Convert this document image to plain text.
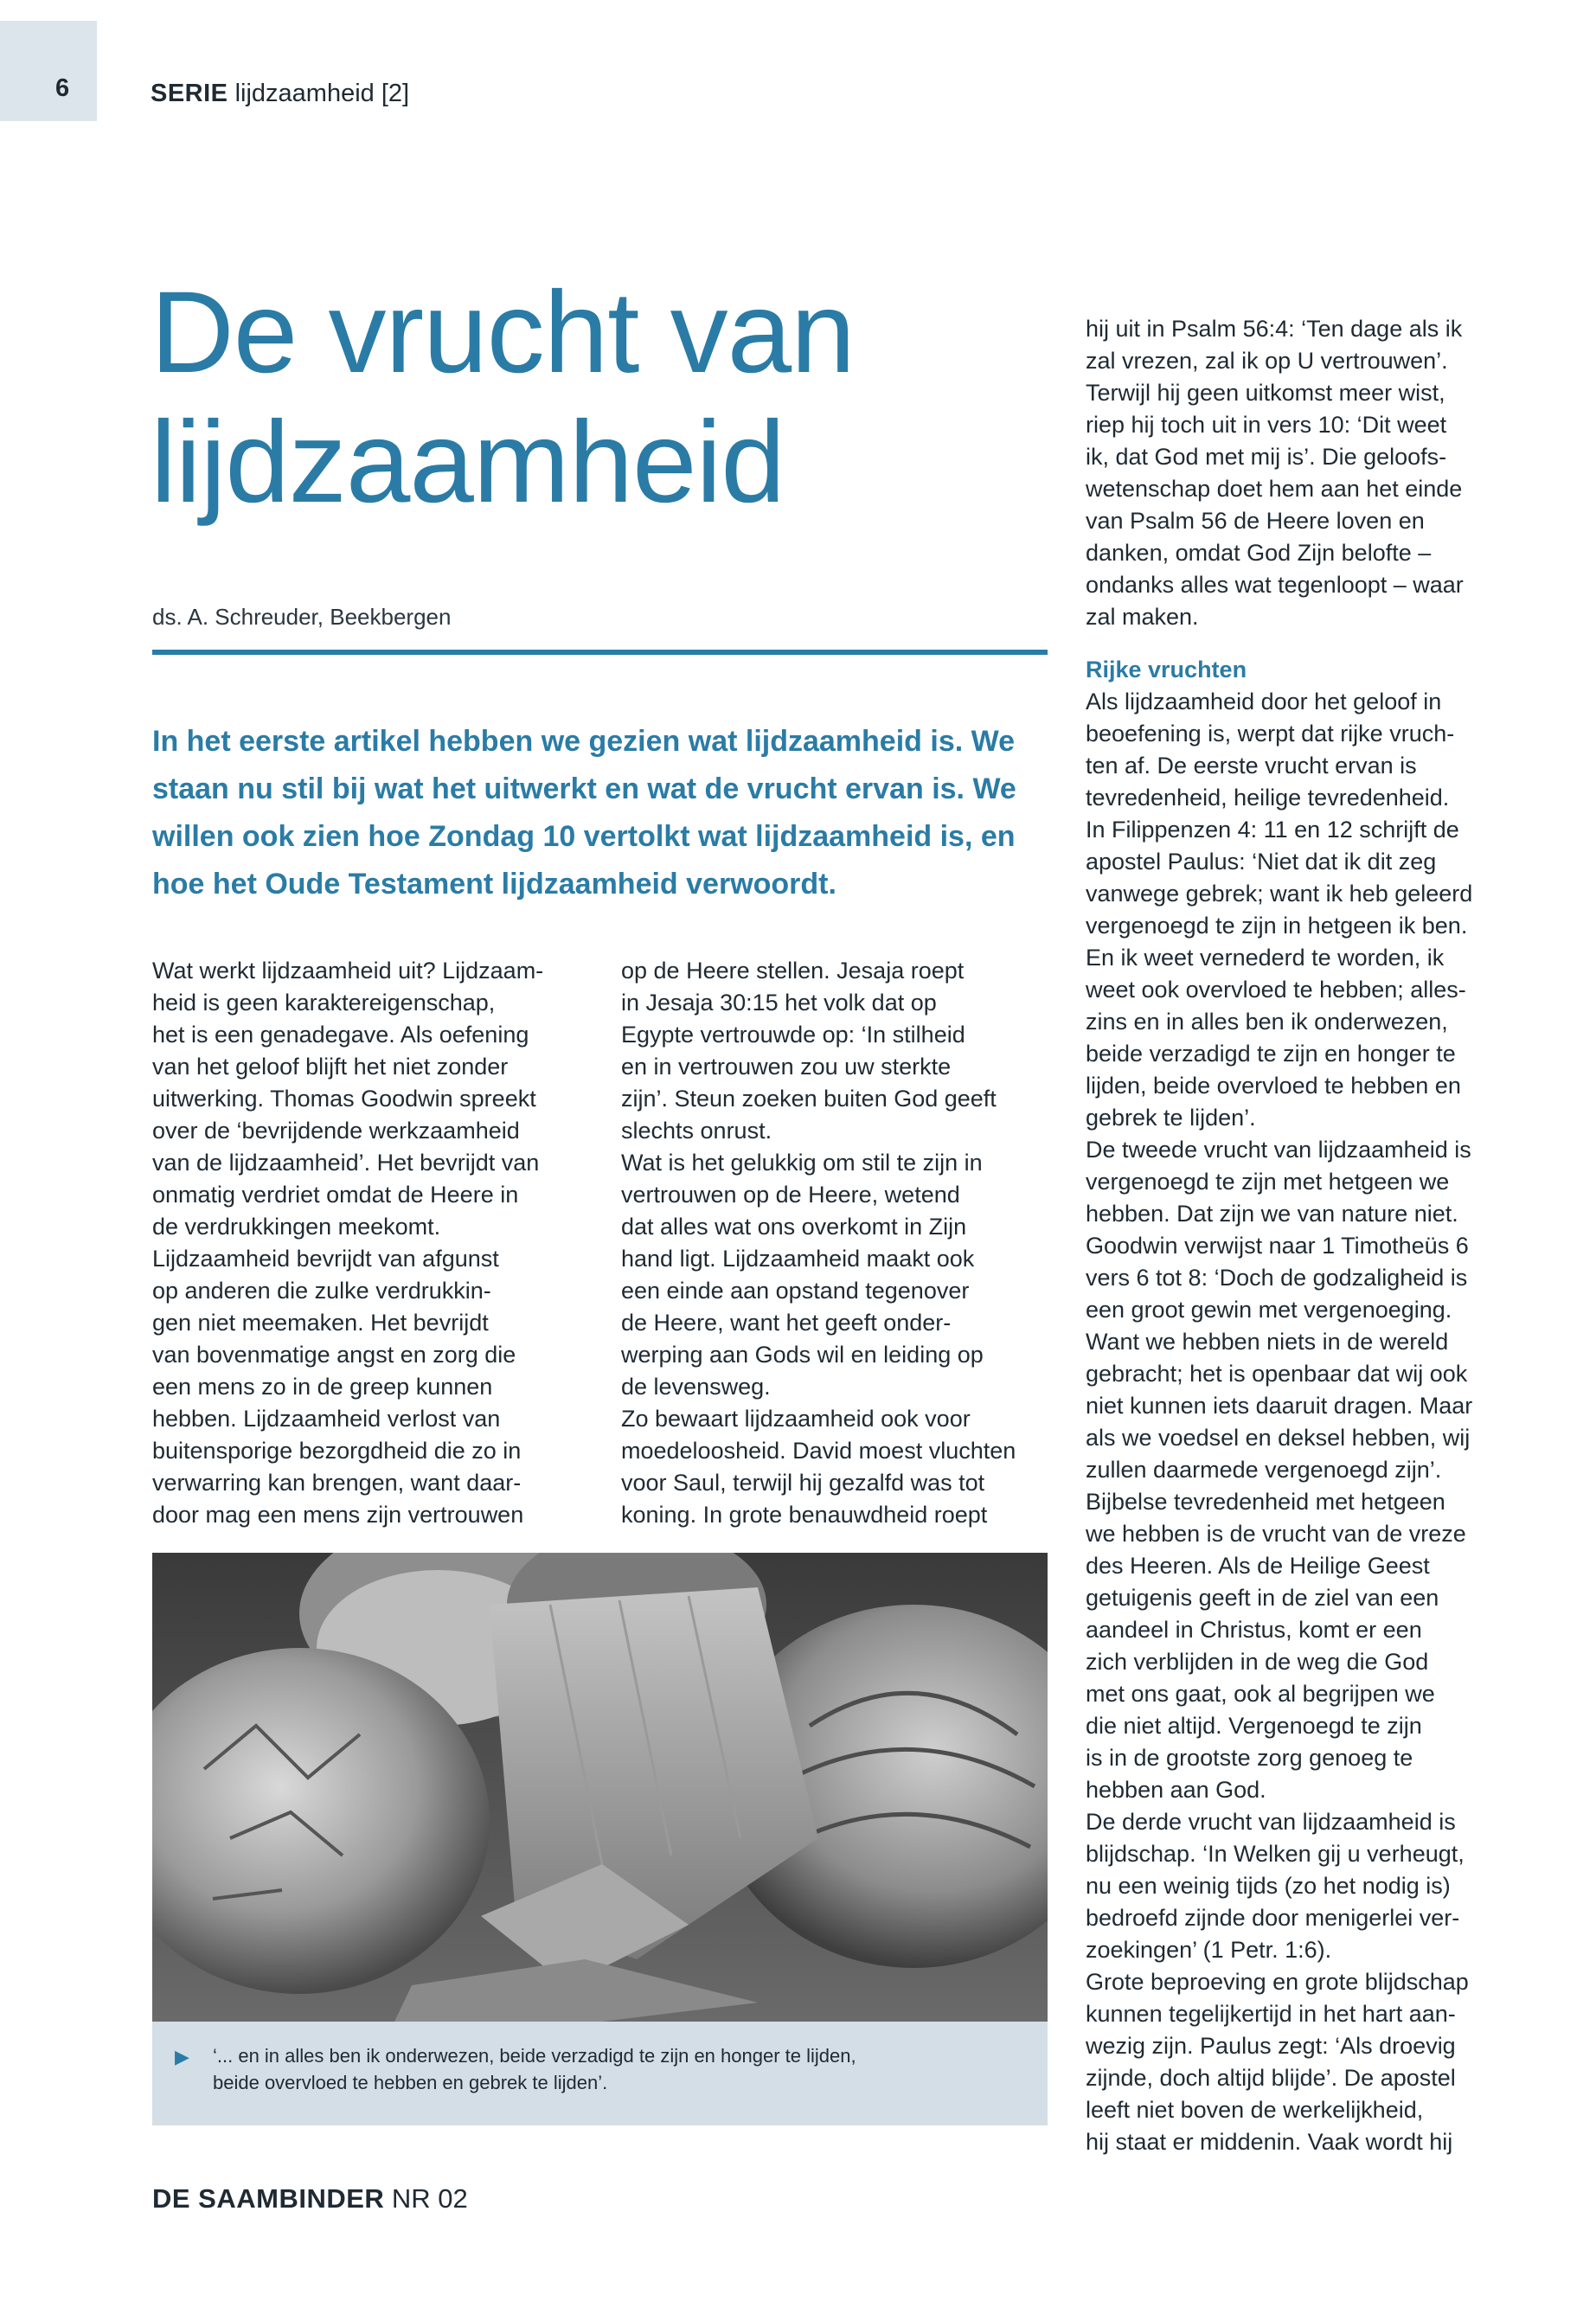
6	SERIE lijdzaamheid [2]
De vrucht van lijdzaamheid
ds. A. Schreuder, Beekbergen
In het eerste artikel hebben we gezien wat lijdzaamheid is. We staan nu stil bij wat het uitwerkt en wat de vrucht ervan is. We willen ook zien hoe Zondag 10 vertolkt wat lijdzaamheid is, en hoe het Oude Testament lijdzaamheid verwoordt.
Wat werkt lijdzaamheid uit? Lijdzaam-
heid is geen karaktereigenschap,
het is een genadegave. Als oefening
van het geloof blijft het niet zonder
uitwerking. Thomas Goodwin spreekt
over de ‘bevrijdende werkzaamheid
van de lijdzaamheid’. Het bevrijdt van
onmatig verdriet omdat de Heere in
de verdrukkingen meekomt.
Lijdzaamheid bevrijdt van afgunst
op anderen die zulke verdrukkin-
gen niet meemaken. Het bevrijdt
van bovenmatige angst en zorg die
een mens zo in de greep kunnen
hebben. Lijdzaamheid verlost van
buitensporige bezorgdheid die zo in
verwarring kan brengen, want daar-
door mag een mens zijn vertrouwen
op de Heere stellen. Jesaja roept
in Jesaja 30:15 het volk dat op
Egypte vertrouwde op: ‘In stilheid
en in vertrouwen zou uw sterkte
zijn’. Steun zoeken buiten God geeft
slechts onrust.
Wat is het gelukkig om stil te zijn in
vertrouwen op de Heere, wetend
dat alles wat ons overkomt in Zijn
hand ligt. Lijdzaamheid maakt ook
een einde aan opstand tegenover
de Heere, want het geeft onder-
werping aan Gods wil en leiding op
de levensweg.
Zo bewaart lijdzaamheid ook voor
moedeloosheid. David moest vluchten
voor Saul, terwijl hij gezalfd was tot
koning. In grote benauwdheid roept

hij uit in Psalm 56:4: ‘Ten dage als ik
zal vrezen, zal ik op U vertrouwen’.
Terwijl hij geen uitkomst meer wist,
riep hij toch uit in vers 10: ‘Dit weet
ik, dat God met mij is’. Die geloofs-
wetenschap doet hem aan het einde
van Psalm 56 de Heere loven en
danken, omdat God Zijn belofte –
ondanks alles wat tegenloopt – waar
zal maken.

Rijke vruchten
Als lijdzaamheid door het geloof in
beoefening is, werpt dat rijke vruch-
ten af. De eerste vrucht ervan is
tevredenheid, heilige tevredenheid.
In Filippenzen 4: 11 en 12 schrijft de
apostel Paulus: ‘Niet dat ik dit zeg
vanwege gebrek; want ik heb geleerd
vergenoegd te zijn in hetgeen ik ben.
En ik weet vernederd te worden, ik
weet ook overvloed te hebben; alles-
zins en in alles ben ik onderwezen,
beide verzadigd te zijn en honger te
lijden, beide overvloed te hebben en
gebrek te lijden’.
De tweede vrucht van lijdzaamheid is
vergenoegd te zijn met hetgeen we
hebben. Dat zijn we van nature niet.
Goodwin verwijst naar 1 Timotheüs 6
vers 6 tot 8: ‘Doch de godzaligheid is
een groot gewin met vergenoeging.
Want we hebben niets in de wereld
gebracht; het is openbaar dat wij ook
niet kunnen iets daaruit dragen. Maar
als we voedsel en deksel hebben, wij
zullen daarmede vergenoegd zijn’.
Bijbelse tevredenheid met hetgeen
we hebben is de vrucht van de vreze
des Heeren. Als de Heilige Geest
getuigenis geeft in de ziel van een
aandeel in Christus, komt er een
zich verblijden in de weg die God
met ons gaat, ook al begrijpen we
die niet altijd. Vergenoegd te zijn
is in de grootste zorg genoeg te
hebben aan God.
De derde vrucht van lijdzaamheid is
blijdschap. ‘In Welken gij u verheugt,
nu een weinig tijds (zo het nodig is)
bedroefd zijnde door menigerlei ver-
zoekingen’ (1 Petr. 1:6).
Grote beproeving en grote blijdschap
kunnen tegelijkertijd in het hart aan-
wezig zijn. Paulus zegt: ‘Als droevig
zijnde, doch altijd blijde’. De apostel
leeft niet boven de werkelijkheid,
hij staat er middenin. Vaak wordt hij

▶ ‘... en in alles ben ik onderwezen, beide verzadigd te zijn en honger te lijden,
beide overvloed te hebben en gebrek te lijden’.
DE SAAMBINDER NR 02
